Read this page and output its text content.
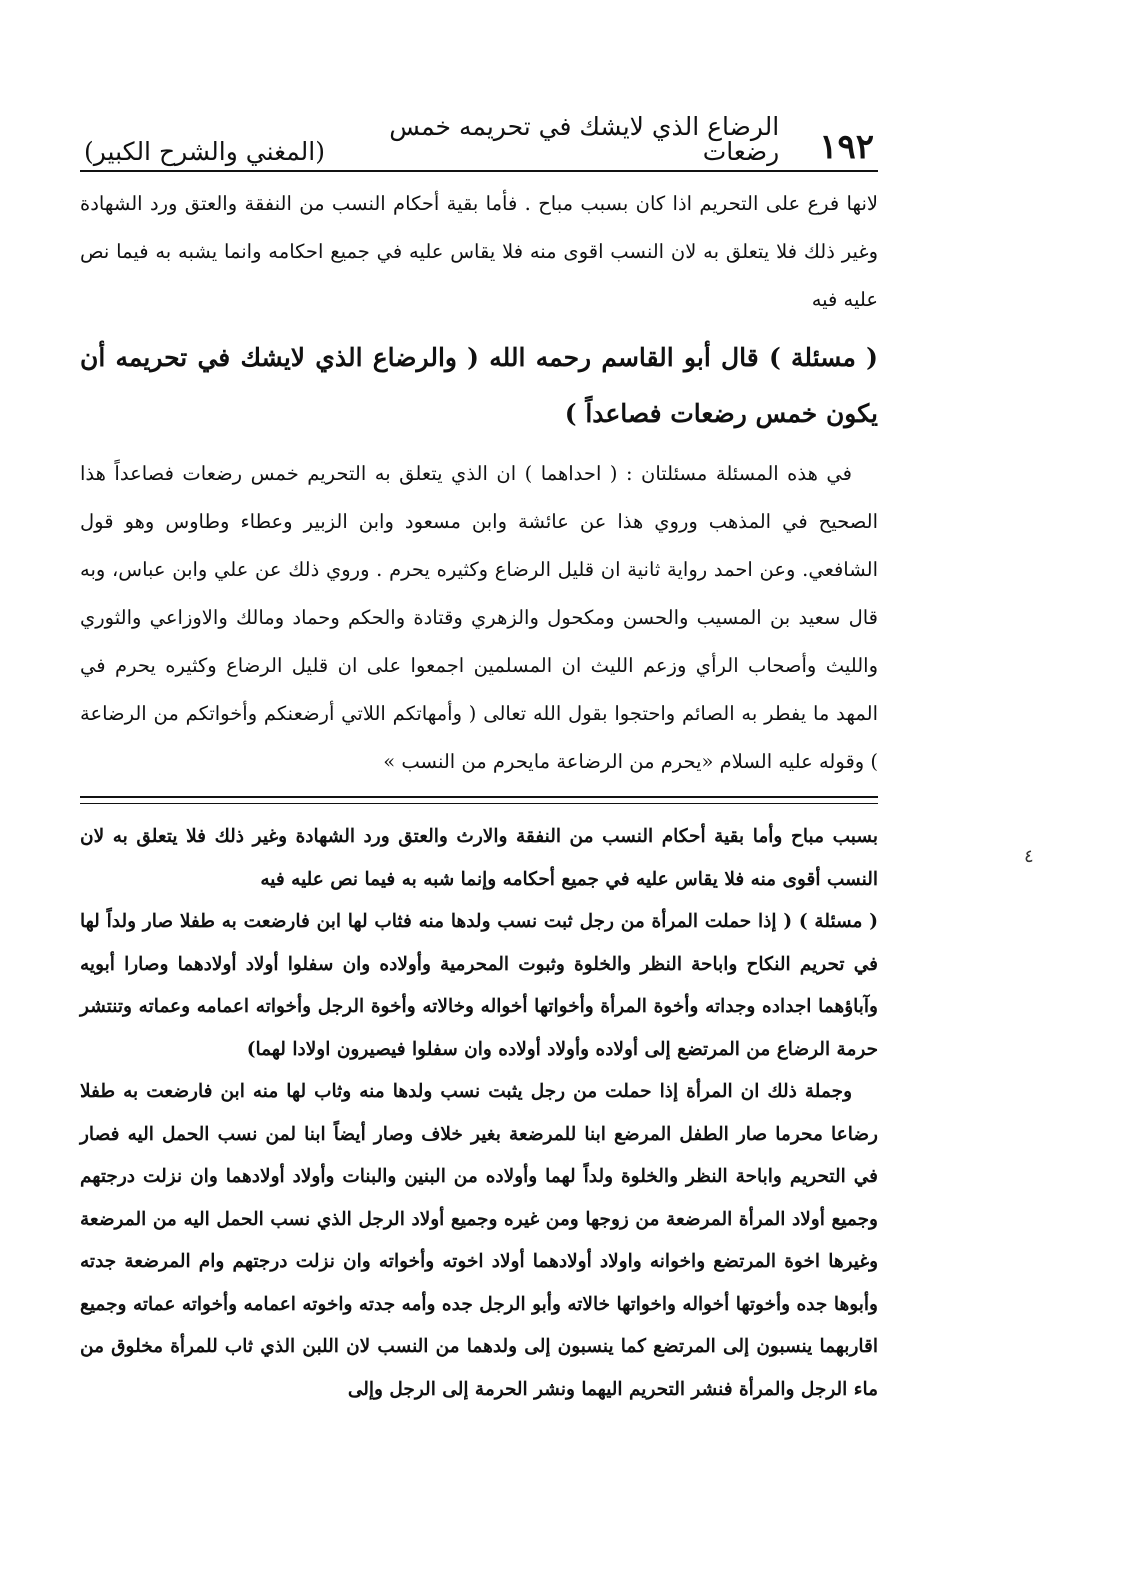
٤
١٩٢
الرضاع الذي لايشك في تحريمه خمس رضعات
(المغني والشرح الكبير)

لانها فرع على التحريم اذا كان بسبب مباح . فأما بقية أحكام النسب من النفقة والعتق ورد الشهادة وغير ذلك فلا يتعلق به لان النسب اقوى منه فلا يقاس عليه في جميع احكامه وانما يشبه به فيما نص عليه فيه

( مسئلة ) قال أبو القاسم رحمه الله ( والرضاع الذي لايشك في تحريمه أن يكون خمس رضعات فصاعداً )

في هذه المسئلة مسئلتان : ( احداهما ) ان الذي يتعلق به التحريم خمس رضعات فصاعداً هذا الصحيح في المذهب وروي هذا عن عائشة وابن مسعود وابن الزبير وعطاء وطاوس وهو قول الشافعي. وعن احمد رواية ثانية ان قليل الرضاع وكثيره يحرم . وروي ذلك عن علي وابن عباس، وبه قال سعيد بن المسيب والحسن ومكحول والزهري وقتادة والحكم وحماد ومالك والاوزاعي والثوري والليث وأصحاب الرأي وزعم الليث ان المسلمين اجمعوا على ان قليل الرضاع وكثيره يحرم في المهد ما يفطر به الصائم واحتجوا بقول الله تعالى ( وأمهاتكم اللاتي أرضعنكم وأخواتكم من الرضاعة ) وقوله عليه السلام «يحرم من الرضاعة مايحرم من النسب »

بسبب مباح وأما بقية أحكام النسب من النفقة والارث والعتق ورد الشهادة وغير ذلك فلا يتعلق به لان النسب أقوى منه فلا يقاس عليه في جميع أحكامه وإنما شبه به فيما نص عليه فيه

( مسئلة ) ( إذا حملت المرأة من رجل ثبت نسب ولدها منه فثاب لها ابن فارضعت به طفلا صار ولداً لها في تحريم النكاح واباحة النظر والخلوة وثبوت المحرمية وأولاده وان سفلوا أولاد أولادهما وصارا أبويه وآباؤهما اجداده وجداته وأخوة المرأة وأخواتها أخواله وخالاته وأخوة الرجل وأخواته اعمامه وعماته وتنتشر حرمة الرضاع من المرتضع إلى أولاده وأولاد أولاده وان سفلوا فيصيرون اولادا لهما)

وجملة ذلك ان المرأة إذا حملت من رجل يثبت نسب ولدها منه وثاب لها منه ابن فارضعت به طفلا رضاعا محرما صار الطفل المرضع ابنا للمرضعة بغير خلاف وصار أيضاً ابنا لمن نسب الحمل اليه فصار في التحريم واباحة النظر والخلوة ولداً لهما وأولاده من البنين والبنات وأولاد أولادهما وان نزلت درجتهم وجميع أولاد المرأة المرضعة من زوجها ومن غيره وجميع أولاد الرجل الذي نسب الحمل اليه من المرضعة وغيرها اخوة المرتضع واخوانه واولاد أولادهما أولاد اخوته وأخواته وان نزلت درجتهم وام المرضعة جدته وأبوها جده وأخوتها أخواله واخواتها خالاته وأبو الرجل جده وأمه جدته واخوته اعمامه وأخواته عماته وجميع اقاربهما ينسبون إلى المرتضع كما ينسبون إلى ولدهما من النسب لان اللبن الذي ثاب للمرأة مخلوق من ماء الرجل والمرأة فنشر التحريم اليهما ونشر الحرمة إلى الرجل وإلى
